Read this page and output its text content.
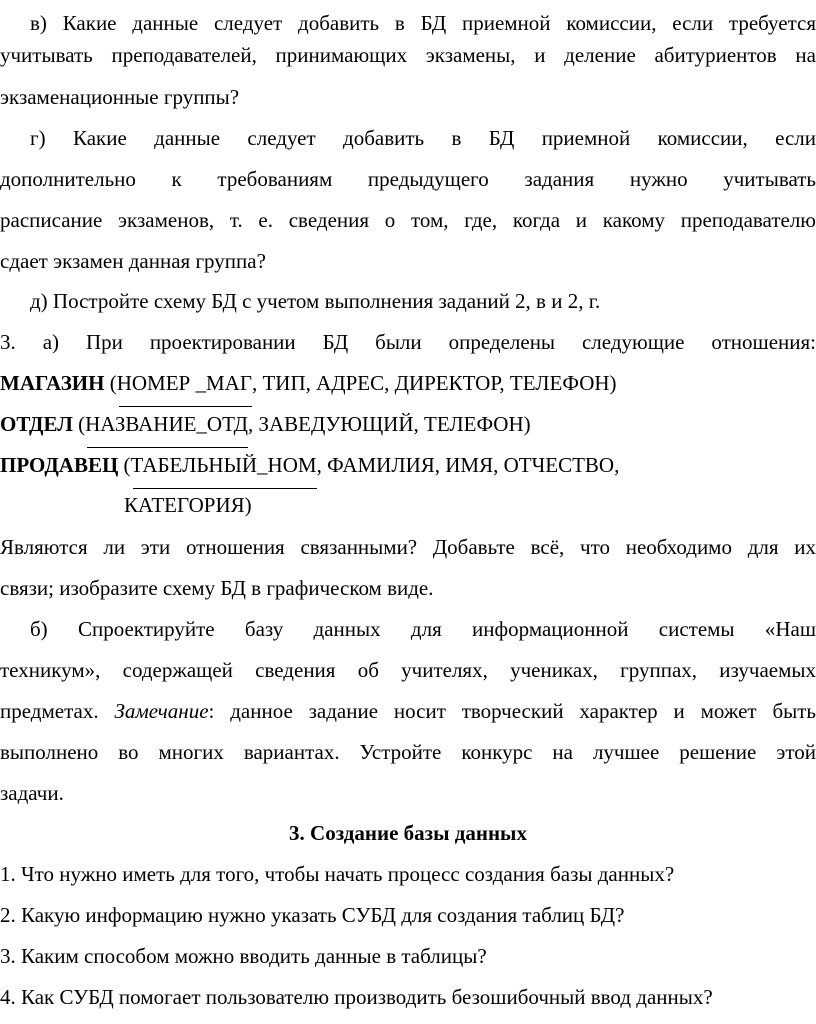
в) Какие данные следует добавить в БД приемной комиссии, если требуется
учитывать преподавателей, принимающих экзамены, и деление абитуриентов на
экзаменационные группы?
г) Какие данные следует добавить в БД приемной комиссии, если
дополнительно к требованиям предыдущего задания нужно учитывать
расписание экзаменов, т. е. сведения о том, где, когда и какому преподавателю
сдает экзамен данная группа?
д) Постройте схему БД с учетом выполнения заданий 2, в и 2, г.
3. а) При проектировании БД были определены следующие отношения:
МАГАЗИН (НОМЕР _МАГ, ТИП, АДРЕС, ДИРЕКТОР, ТЕЛЕФОН)
ОТДЕЛ (НАЗВАНИЕ_ОТД, ЗАВЕДУЮЩИЙ, ТЕЛЕФОН)
ПРОДАВЕЦ (ТАБЕЛЬНЫЙ_НОМ, ФАМИЛИЯ, ИМЯ, ОТЧЕСТВО,
КАТЕГОРИЯ)
Являются ли эти отношения связанными? Добавьте всё, что необходимо для их
связи; изобразите схему БД в графическом виде.
б) Спроектируйте базу данных для информационной системы «Наш
техникум», содержащей сведения об учителях, учениках, группах, изучаемых
предметах. Замечание: данное задание носит творческий характер и может быть
выполнено во многих вариантах. Устройте конкурс на лучшее решение этой
задачи.
3. Создание базы данных
1. Что нужно иметь для того, чтобы начать процесс создания базы данных?
2. Какую информацию нужно указать СУБД для создания таблиц БД?
3. Каким способом можно вводить данные в таблицы?
4. Как СУБД помогает пользователю производить безошибочный ввод данных?
